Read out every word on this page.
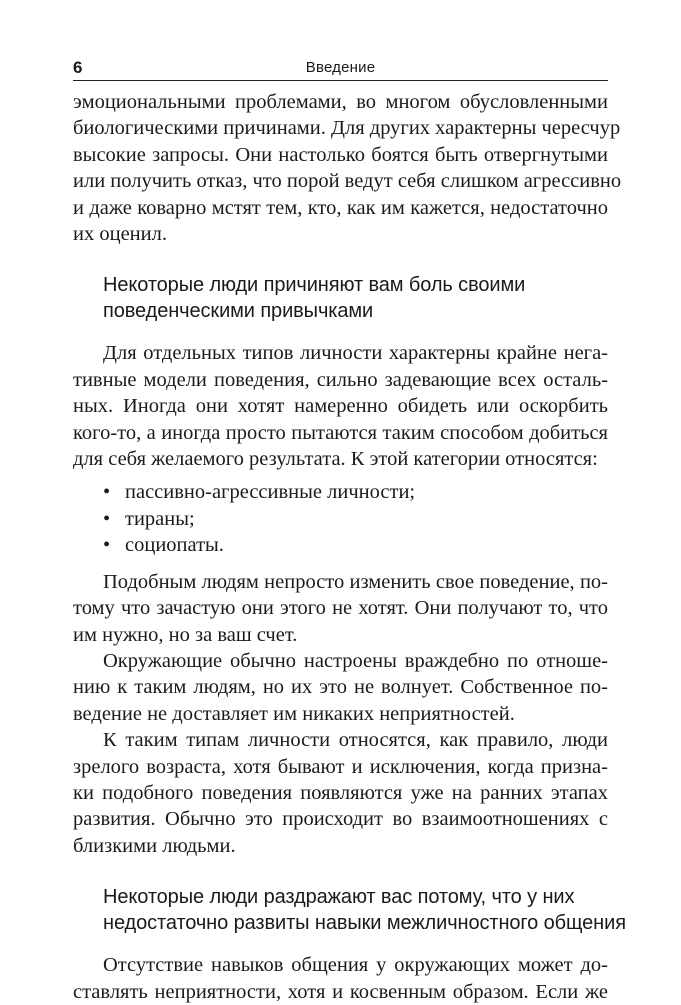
6	Введение
эмоциональными проблемами, во многом обусловленными
биологическими причинами. Для других характерны чересчур
высокие запросы. Они настолько боятся быть отвергнутыми
или получить отказ, что порой ведут себя слишком агрессивно
и даже коварно мстят тем, кто, как им кажется, недостаточно
их оценил.
Некоторые люди причиняют вам боль своими
поведенческими привычками
Для отдельных типов личности характерны крайне нега-
тивные модели поведения, сильно задевающие всех осталь-
ных. Иногда они хотят намеренно обидеть или оскорбить
кого-то, а иногда просто пытаются таким способом добиться
для себя желаемого результата. К этой категории относятся:
• пассивно-агрессивные личности;
• тираны;
• социопаты.
Подобным людям непросто изменить свое поведение, по-
тому что зачастую они этого не хотят. Они получают то, что
им нужно, но за ваш счет.
Окружающие обычно настроены враждебно по отноше-
нию к таким людям, но их это не волнует. Собственное по-
ведение не доставляет им никаких неприятностей.
К таким типам личности относятся, как правило, люди
зрелого возраста, хотя бывают и исключения, когда призна-
ки подобного поведения появляются уже на ранних этапах
развития. Обычно это происходит во взаимоотношениях с
близкими людьми.
Некоторые люди раздражают вас потому, что у них
недостаточно развиты навыки межличностного общения
Отсутствие навыков общения у окружающих может до-
ставлять неприятности, хотя и косвенным образом. Если же
